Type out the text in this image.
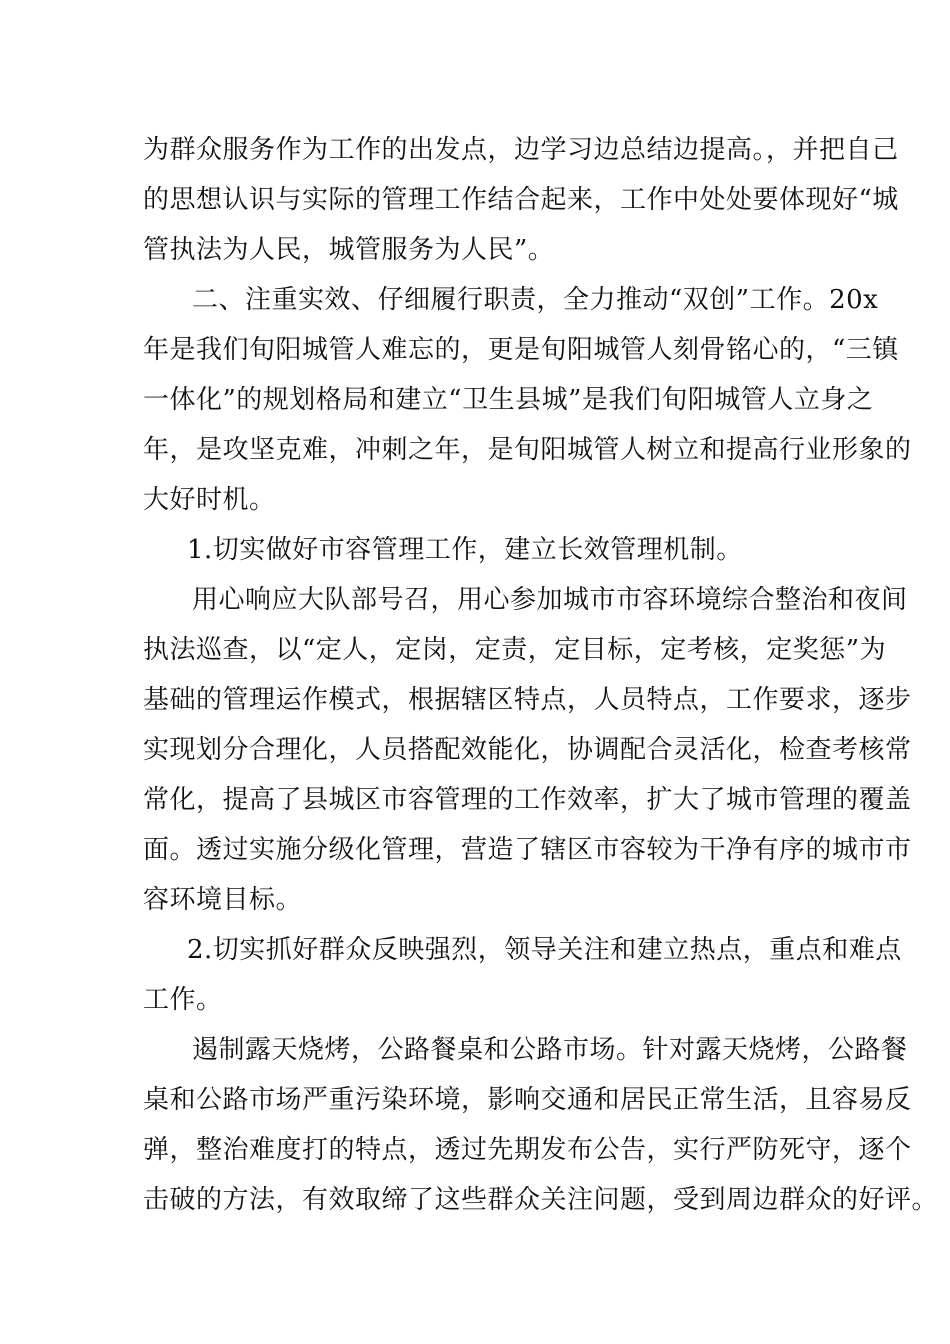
为群众服务作为工作的出发点，边学习边总结边提高。，并把自己
的思想认识与实际的管理工作结合起来，工作中处处要体现好“城
管执法为人民，城管服务为人民”。
二、注重实效、仔细履行职责，全力推动“双创”工作。20x
年是我们旬阳城管人难忘的，更是旬阳城管人刻骨铭心的，“三镇
一体化”的规划格局和建立“卫生县城”是我们旬阳城管人立身之
年，是攻坚克难，冲刺之年，是旬阳城管人树立和提高行业形象的
大好时机。
1.切实做好市容管理工作，建立长效管理机制。
用心响应大队部号召，用心参加城市市容环境综合整治和夜间
执法巡查，以“定人，定岗，定责，定目标，定考核，定奖惩”为
基础的管理运作模式，根据辖区特点，人员特点，工作要求，逐步
实现划分合理化，人员搭配效能化，协调配合灵活化，检查考核常
常化，提高了县城区市容管理的工作效率，扩大了城市管理的覆盖
面。透过实施分级化管理，营造了辖区市容较为干净有序的城市市
容环境目标。
2.切实抓好群众反映强烈，领导关注和建立热点，重点和难点
工作。
遏制露天烧烤，公路餐桌和公路市场。针对露天烧烤，公路餐
桌和公路市场严重污染环境，影响交通和居民正常生活，且容易反
弹，整治难度打的特点，透过先期发布公告，实行严防死守，逐个
击破的方法，有效取缔了这些群众关注问题，受到周边群众的好评。
